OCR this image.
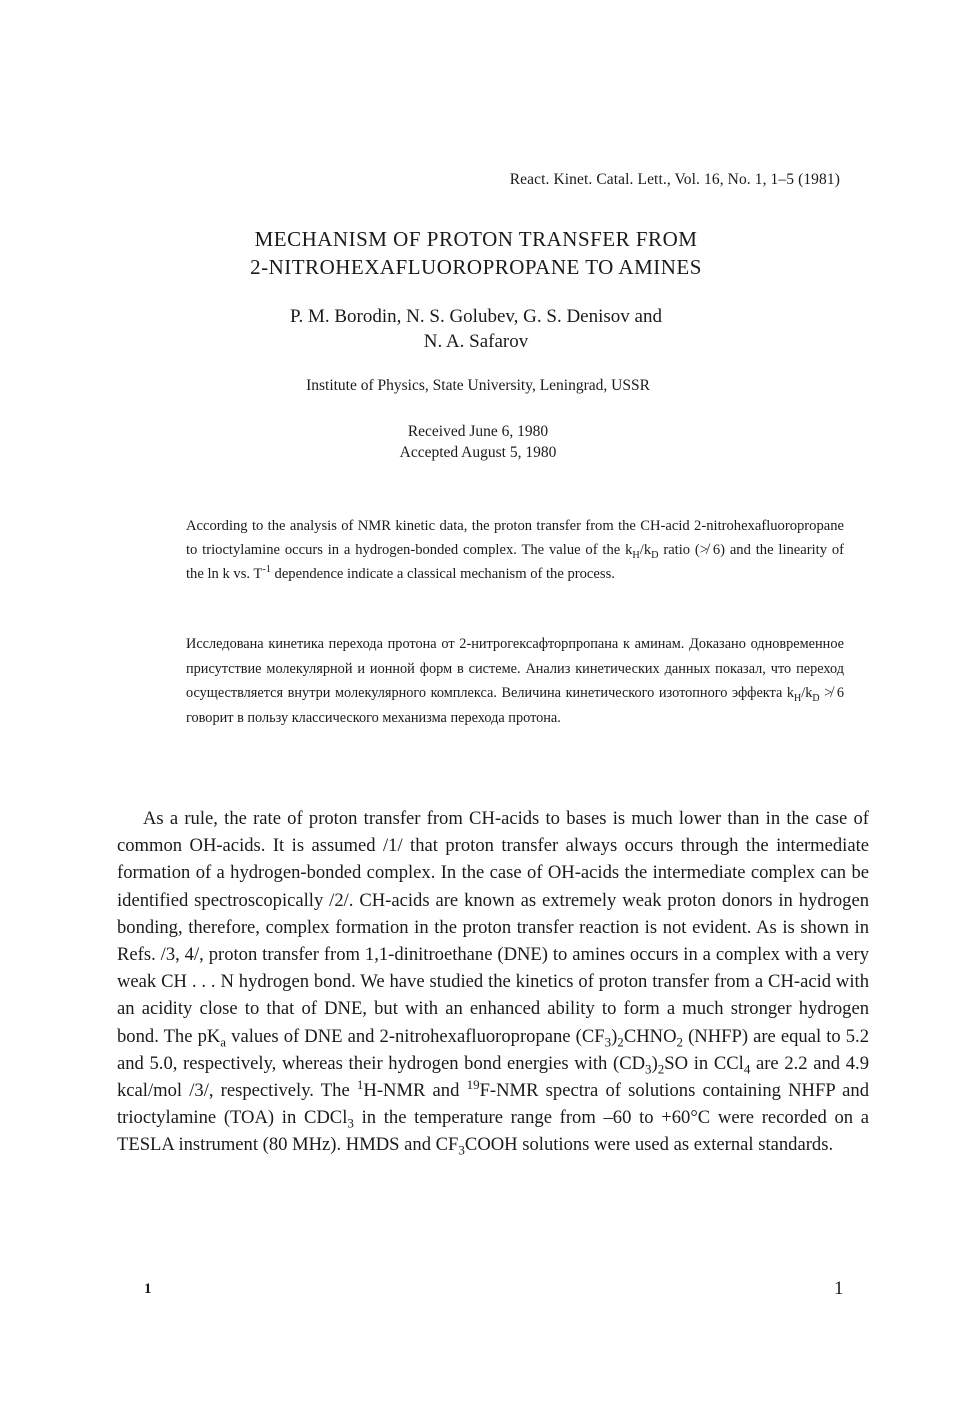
React. Kinet. Catal. Lett., Vol. 16, No. 1, 1–5 (1981)
MECHANISM OF PROTON TRANSFER FROM
2-NITROHEXAFLUOROPROPANE TO AMINES
P. M. Borodin, N. S. Golubev, G. S. Denisov and
N. A. Safarov
Institute of Physics, State University, Leningrad, USSR
Received June 6, 1980
Accepted August 5, 1980

According to the analysis of NMR kinetic data, the proton transfer from the CH-acid 2-nitrohexafluoropropane to trioctylamine occurs in a hydrogen-bonded complex. The value of the $k_H/k_D$ ratio (≯ 6) and the linearity of the ln k vs. $T^{-1}$ dependence indicate a classical mechanism of the process.

Исследована кинетика перехода протона от 2-нитрогексафторпропана к аминам. Доказано одновременное присутствие молекулярной и ионной форм в системе. Анализ кинетических данных показал, что переход осуществляется внутри молекулярного комплекса. Величина кинетического изотопного эффекта $k_H/k_D$ ≯ 6 говорит в пользу классического механизма перехода протона.

As a rule, the rate of proton transfer from CH-acids to bases is much lower than in the case of common OH-acids. It is assumed /1/ that proton transfer always occurs through the intermediate formation of a hydrogen-bonded complex. In the case of OH-acids the intermediate complex can be identified spectroscopically /2/. CH-acids are known as extremely weak proton donors in hydrogen bonding, therefore, complex formation in the proton transfer reaction is not evident. As is shown in Refs. /3, 4/, proton transfer from 1,1-dinitroethane (DNE) to amines occurs in a complex with a very weak CH . . . N hydrogen bond. We have studied the kinetics of proton transfer from a CH-acid with an acidity close to that of DNE, but with an enhanced ability to form a much stronger hydrogen bond. The $pK_a$ values of DNE and 2-nitrohexafluoropropane $(CF_3)_2CHNO_2$ (NHFP) are equal to 5.2 and 5.0, respectively, whereas their hydrogen bond energies with $(CD_3)_2SO$ in CCl$_4$ are 2.2 and 4.9 kcal/mol /3/, respectively. The $^1$H-NMR and $^{19}$F-NMR spectra of solutions containing NHFP and trioctylamine (TOA) in CDCl$_3$ in the temperature range from –60 to +60°C were recorded on a TESLA instrument (80 MHz). HMDS and $CF_3COOH$ solutions were used as external standards.

1	1
